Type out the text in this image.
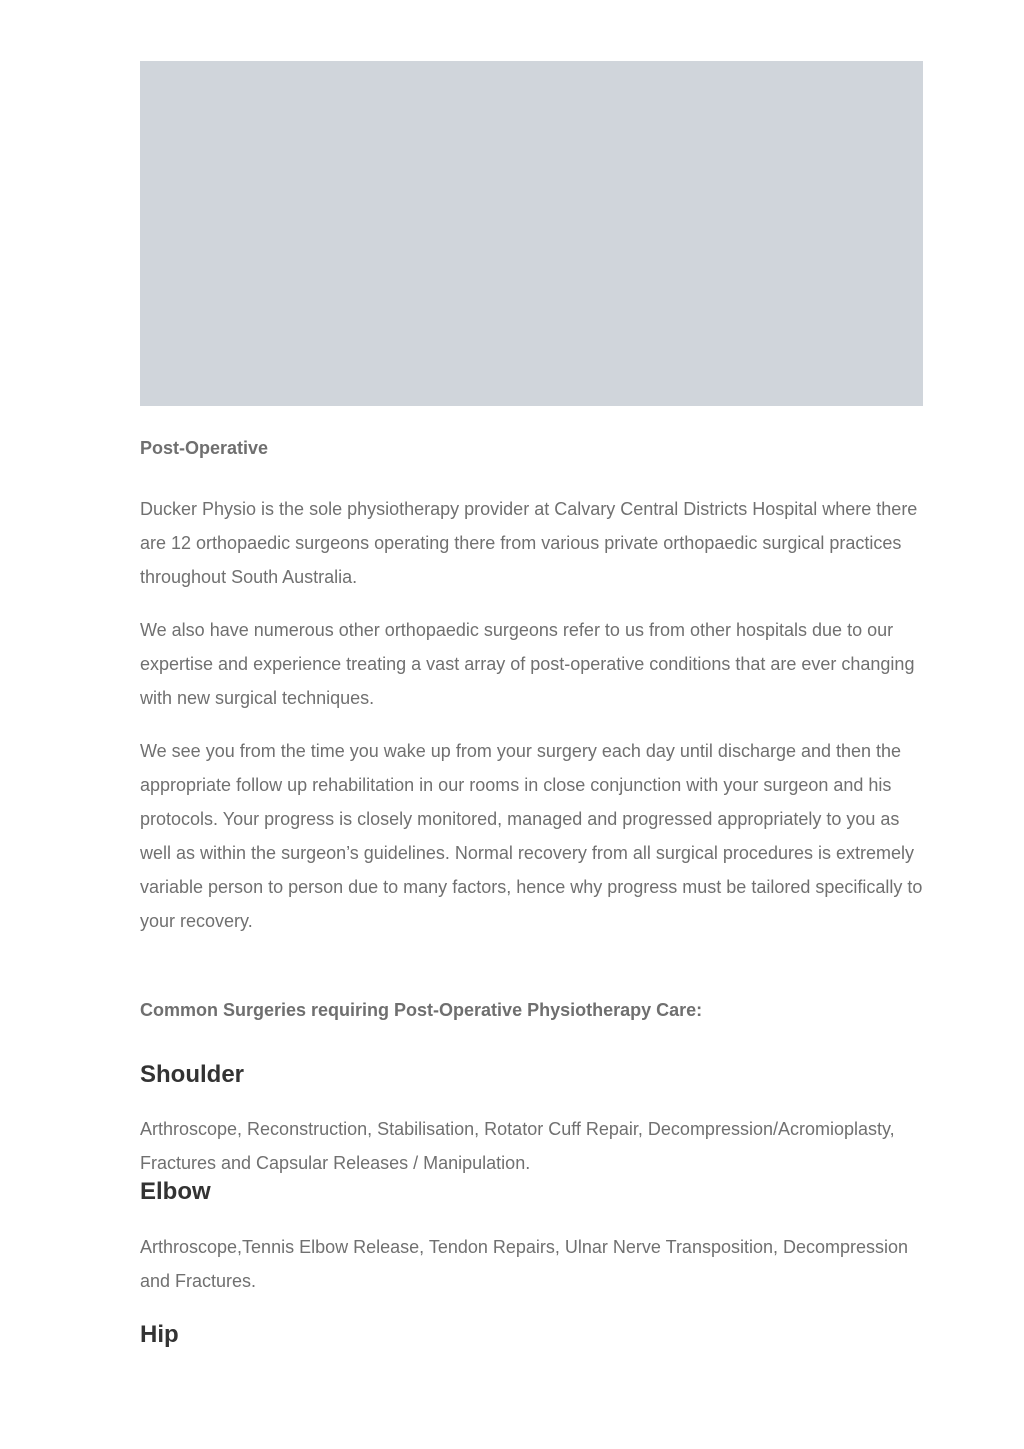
Post-Operative

Ducker Physio is the sole physiotherapy provider at Calvary Central Districts Hospital where there are 12 orthopaedic surgeons operating there from various private orthopaedic surgical practices throughout South Australia.

We also have numerous other orthopaedic surgeons refer to us from other hospitals due to our expertise and experience treating a vast array of post-operative conditions that are ever changing with new surgical techniques.

We see you from the time you wake up from your surgery each day until discharge and then the appropriate follow up rehabilitation in our rooms in close conjunction with your surgeon and his protocols. Your progress is closely monitored, managed and progressed appropriately to you as well as within the surgeon’s guidelines. Normal recovery from all surgical procedures is extremely variable person to person due to many factors, hence why progress must be tailored specifically to your recovery.

Common Surgeries requiring Post-Operative Physiotherapy Care:
Shoulder

Arthroscope, Reconstruction, Stabilisation, Rotator Cuff Repair, Decompression/Acromioplasty, Fractures and Capsular Releases / Manipulation.

Elbow

Arthroscope,Tennis Elbow Release, Tendon Repairs, Ulnar Nerve Transposition, Decompression and Fractures.

Hip
